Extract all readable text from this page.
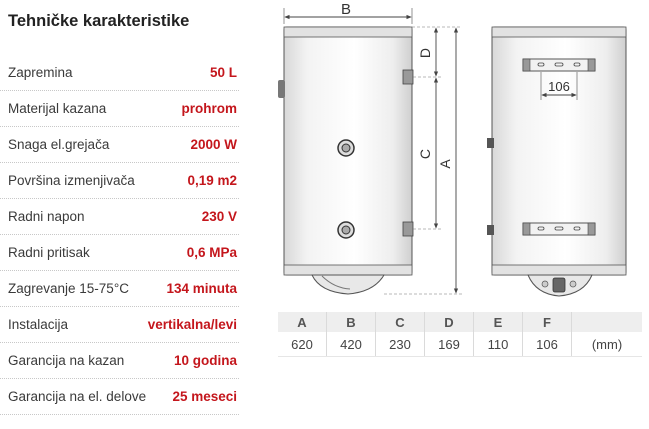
Tehničke karakteristike
Zapremina	50 L
Materijal kazana	prohrom
Snaga el.grejača	2000 W
Površina izmenjivača	0,19 m2
Radni napon	230 V
Radni pritisak	0,6 MPa
Zagrevanje 15-75°C	134 minuta
Instalacija	vertikalna/levi
Garancija na kazan	10 godina
Garancija na el. delove 25 meseci
B
D
C
A
106
A	B	C	D	E	F	
620	420	230	169	110	106	(mm)
